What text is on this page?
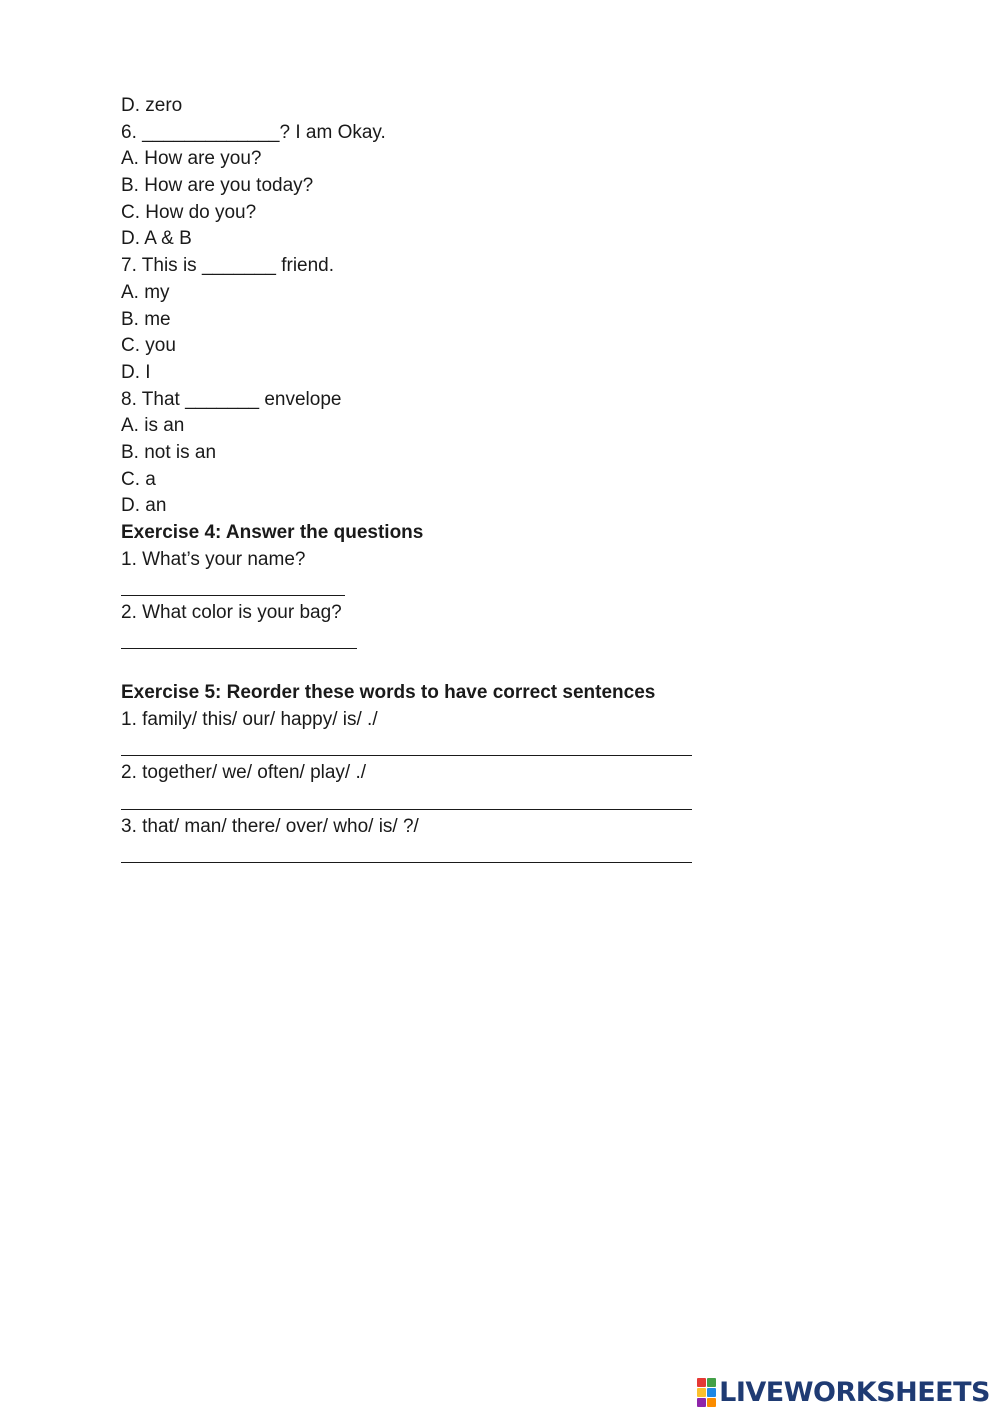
D. zero
6. _____________? I am Okay.
A. How are you?
B. How are you today?
C. How do you?
D. A & B
7. This is _______ friend.
A. my
B. me
C. you
D. I
8. That _______ envelope
A. is an
B. not is an
C. a
D. an
Exercise 4: Answer the questions
1. What’s your name?
2. What color is your bag?
Exercise 5: Reorder these words to have correct sentences
1. family/ this/ our/ happy/ is/ ./
2. together/ we/ often/ play/ ./
3. that/ man/ there/ over/ who/ is/ ?/
LIVEWORKSHEETS
